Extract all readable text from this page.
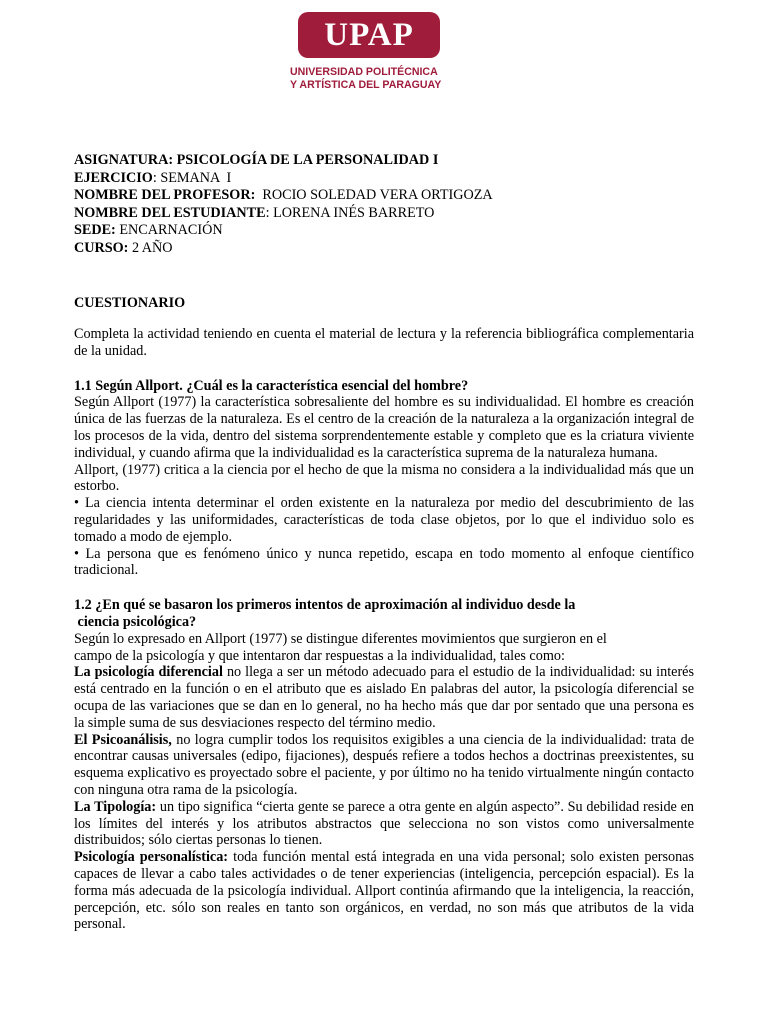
UPAP
UNIVERSIDAD POLITÉCNICA
Y ARTÍSTICA DEL PARAGUAY
ASIGNATURA: PSICOLOGÍA DE LA PERSONALIDAD I
EJERCICIO: SEMANA  I
NOMBRE DEL PROFESOR:  ROCIO SOLEDAD VERA ORTIGOZA
NOMBRE DEL ESTUDIANTE: LORENA INÉS BARRETO
SEDE: ENCARNACIÓN
CURSO: 2 AÑO
CUESTIONARIO

Completa la actividad teniendo en cuenta el material de lectura y la referencia bibliográfica complementaria de la unidad.

1.1 Según Allport. ¿Cuál es la característica esencial del hombre?

Según Allport (1977) la característica sobresaliente del hombre es su individualidad. El hombre es creación única de las fuerzas de la naturaleza. Es el centro de la creación de la naturaleza a la organización integral de los procesos de la vida, dentro del sistema sorprendentemente estable y completo que es la criatura viviente individual, y cuando afirma que la individualidad es la característica suprema de la naturaleza humana.

Allport, (1977) critica a la ciencia por el hecho de que la misma no considera a la individualidad más que un estorbo.

• La ciencia intenta determinar el orden existente en la naturaleza por medio del descubrimiento de las regularidades y las uniformidades, características de toda clase objetos, por lo que el individuo solo es tomado a modo de ejemplo.

• La persona que es fenómeno único y nunca repetido, escapa en todo momento al enfoque científico tradicional.

1.2 ¿En qué se basaron los primeros intentos de aproximación al individuo desde la

ciencia psicológica?

Según lo expresado en Allport (1977) se distingue diferentes movimientos que surgieron en el

campo de la psicología y que intentaron dar respuestas a la individualidad, tales como:

La psicología diferencial no llega a ser un método adecuado para el estudio de la individualidad: su interés está centrado en la función o en el atributo que es aislado En palabras del autor, la psicología diferencial se ocupa de las variaciones que se dan en lo general, no ha hecho más que dar por sentado que una persona es la simple suma de sus desviaciones respecto del término medio.

El Psicoanálisis, no logra cumplir todos los requisitos exigibles a una ciencia de la individualidad: trata de encontrar causas universales (edipo, fijaciones), después refiere a todos hechos a doctrinas preexistentes, su esquema explicativo es proyectado sobre el paciente, y por último no ha tenido virtualmente ningún contacto con ninguna otra rama de la psicología.

La Tipología: un tipo significa “cierta gente se parece a otra gente en algún aspecto”. Su debilidad reside en los límites del interés y los atributos abstractos que selecciona no son vistos como universalmente distribuidos; sólo ciertas personas lo tienen.

Psicología personalística: toda función mental está integrada en una vida personal; solo existen personas capaces de llevar a cabo tales actividades o de tener experiencias (inteligencia, percepción espacial). Es la forma más adecuada de la psicología individual. Allport continúa afirmando que la inteligencia, la reacción, percepción, etc. sólo son reales en tanto son orgánicos, en verdad, no son más que atributos de la vida personal.
